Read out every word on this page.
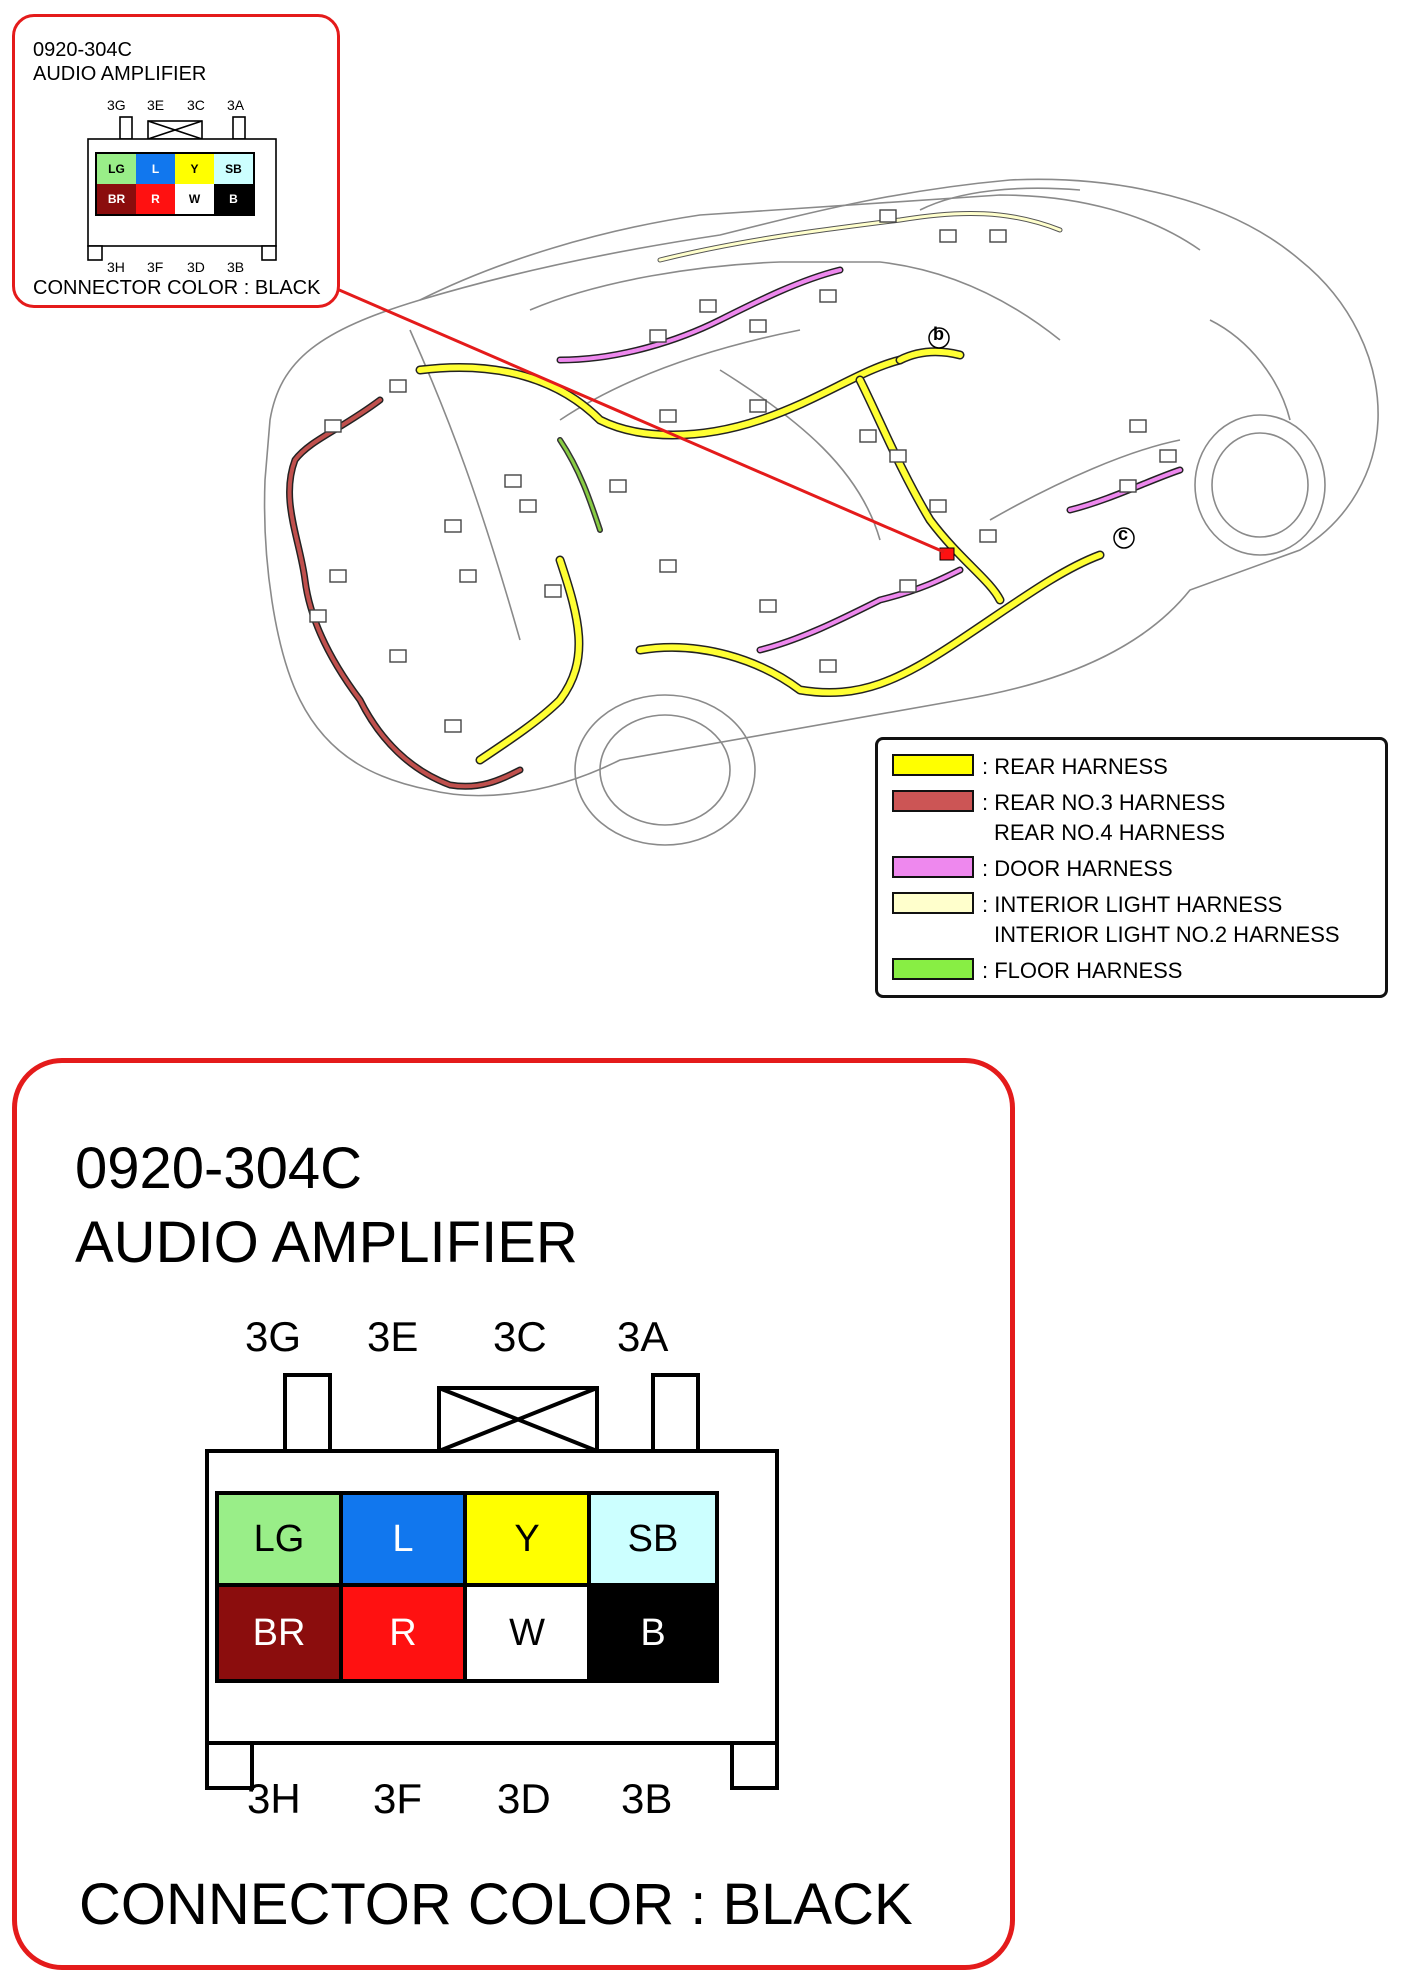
b
c
0920-304C
AUDIO AMPLIFIER
3G 3E 3C 3A
LG L	Y SB
BR R W B
3H 3F 3D 3B
CONNECTOR COLOR : BLACK
: REAR HARNESS
: REAR NO.3 HARNESS
REAR NO.4 HARNESS
: DOOR HARNESS
: INTERIOR LIGHT HARNESS
INTERIOR LIGHT NO.2 HARNESS
: FLOOR HARNESS
0920-304C
AUDIO AMPLIFIER
3G 3E 3C 3A
LG L	Y SB
BR R W	B
3H 3F 3D 3B
CONNECTOR COLOR : BLACK
